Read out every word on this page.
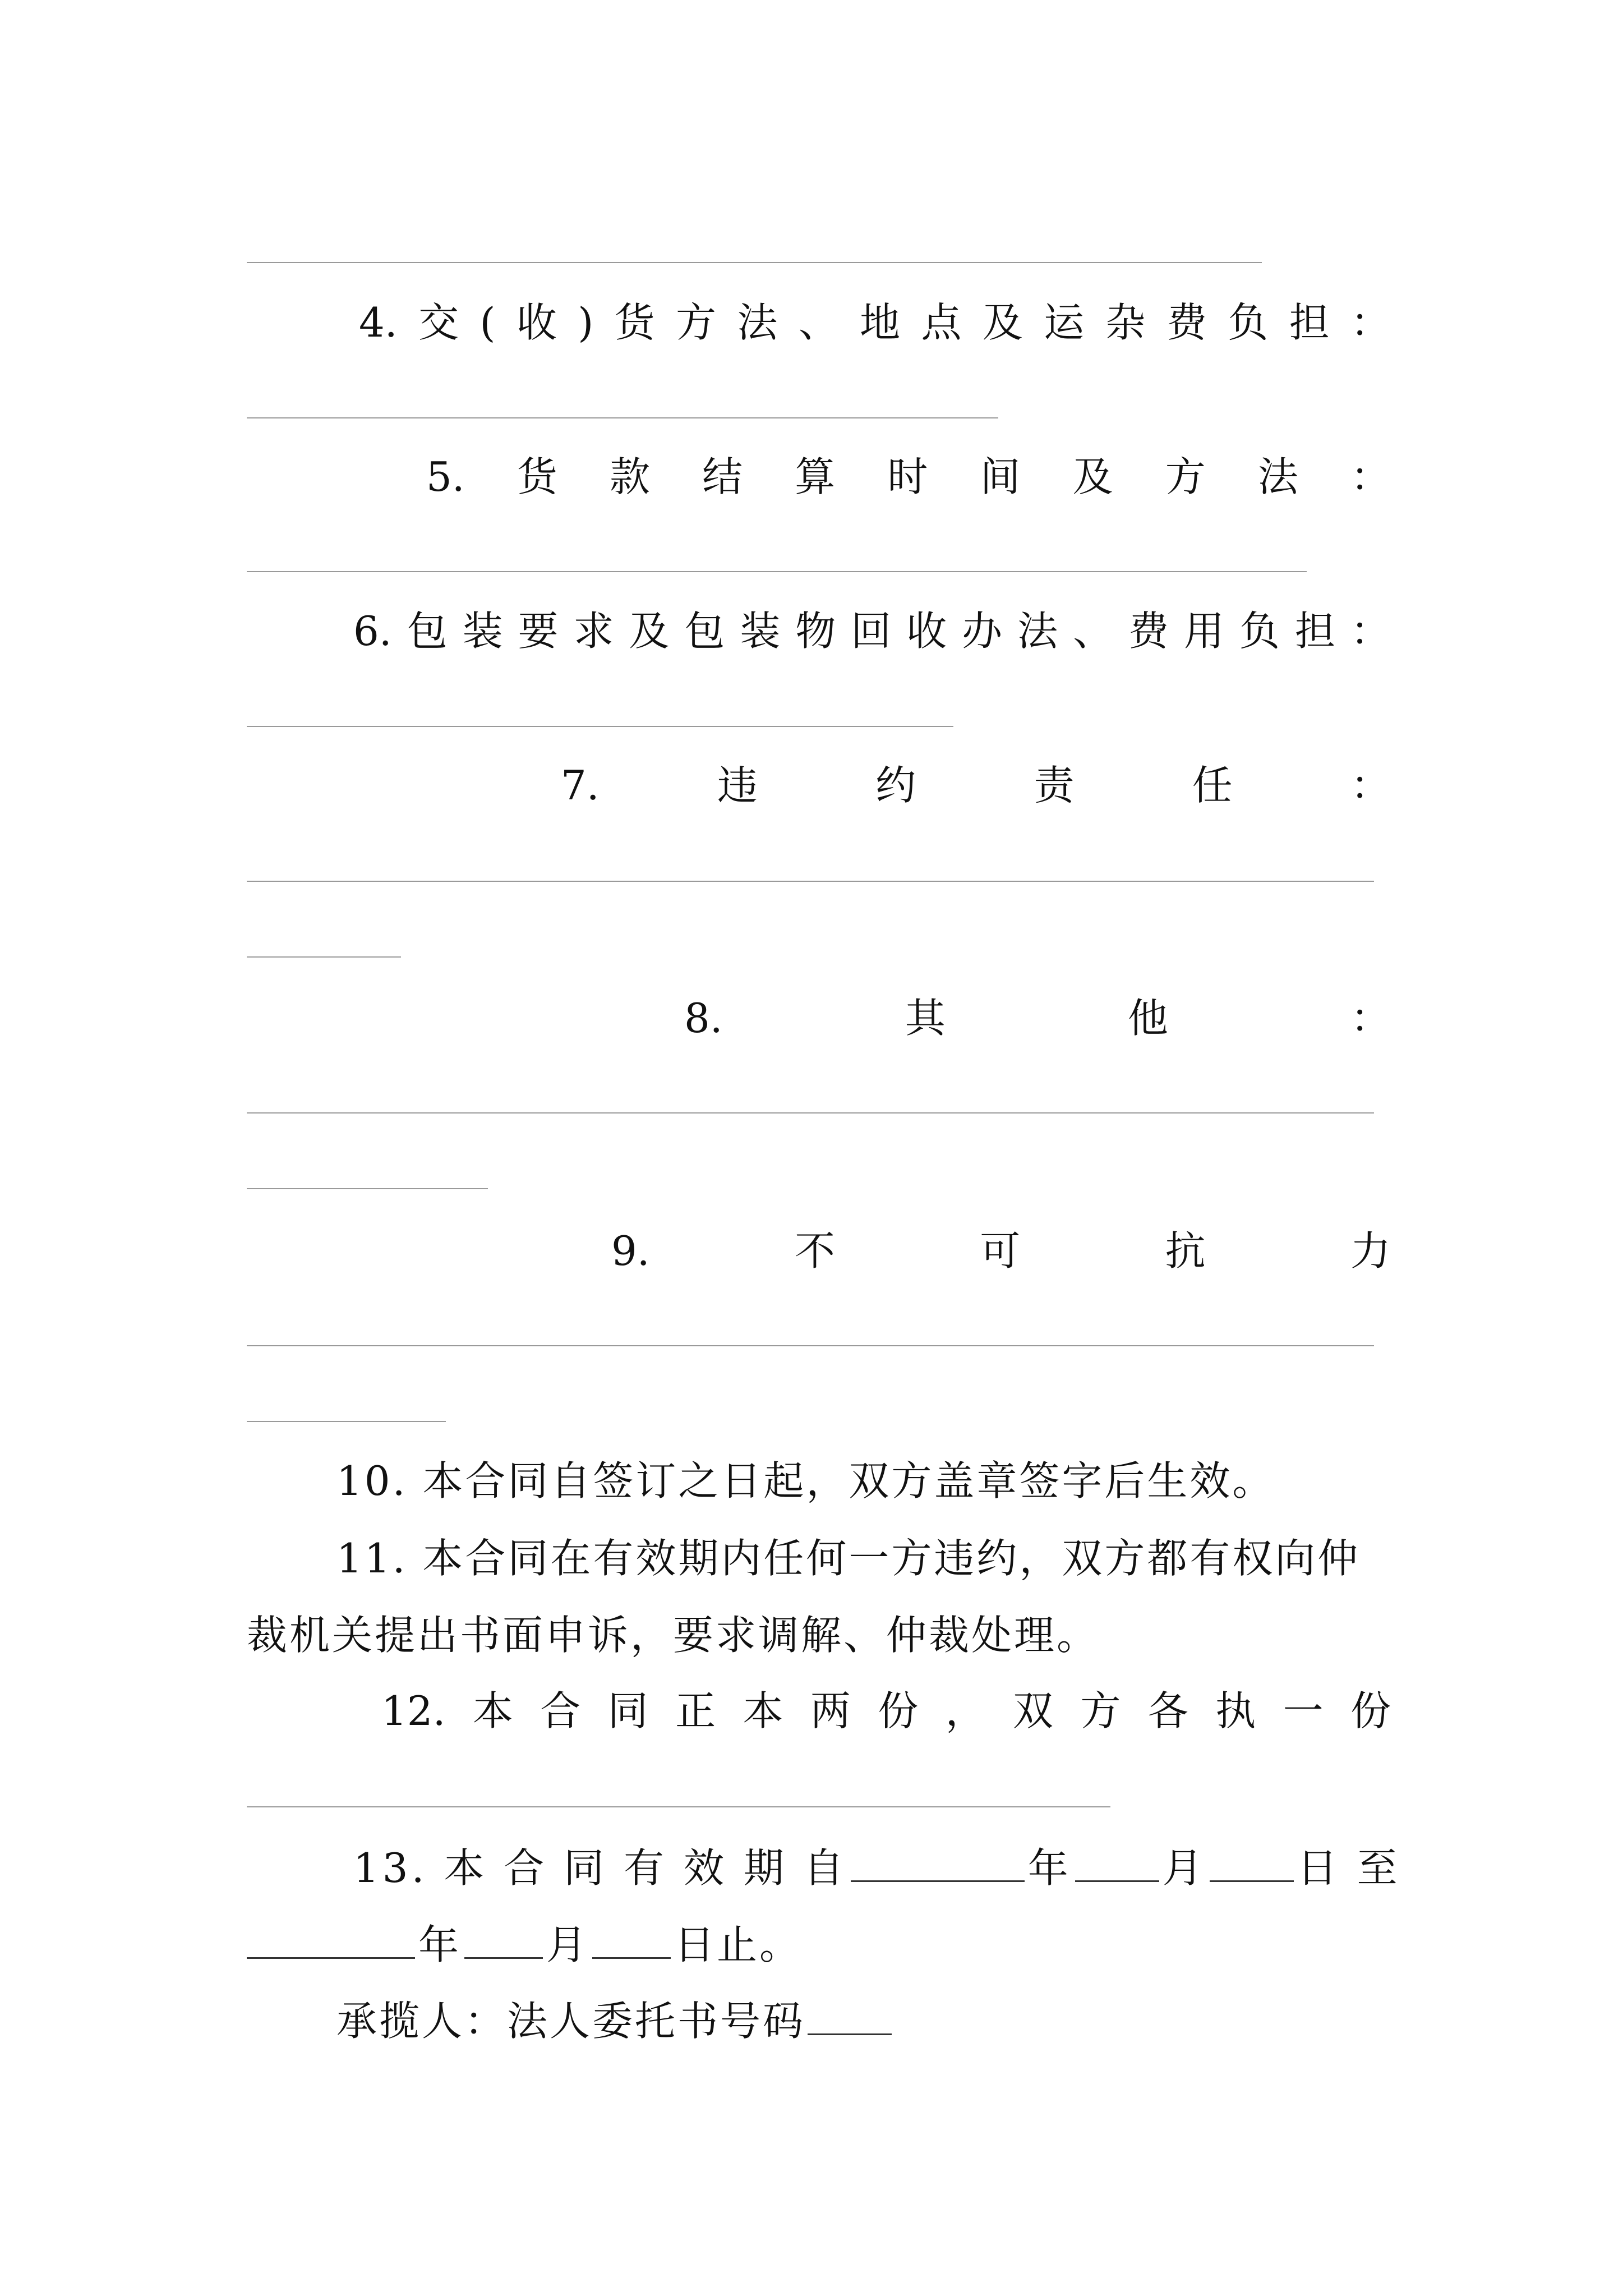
4. 交 ( 收 ) 货 方 法 、 地 点 及 运 杂 费 负 担 ：
5. 货 款 结 算 时 间 及 方 法 ：
6. 包 装 要 求 及 包 装 物 回 收 办 法 、 费 用 负 担 ：
7.	违	约	责	任	：
8.	其	他	：
9.	不	可	抗	力
10. 本合同自签订之日起，双方盖章签字后生效。
11. 本合同在有效期内任何一方违约，双方都有权向仲
裁机关提出书面申诉，要求调解、仲裁处理。
12. 本 合 同 正 本 两 份 ， 双 方 各 执 一 份
13. 本 合 同 有 效 期 自	年 月 日 至
年 月 日止。
承揽人：法人委托书号码
